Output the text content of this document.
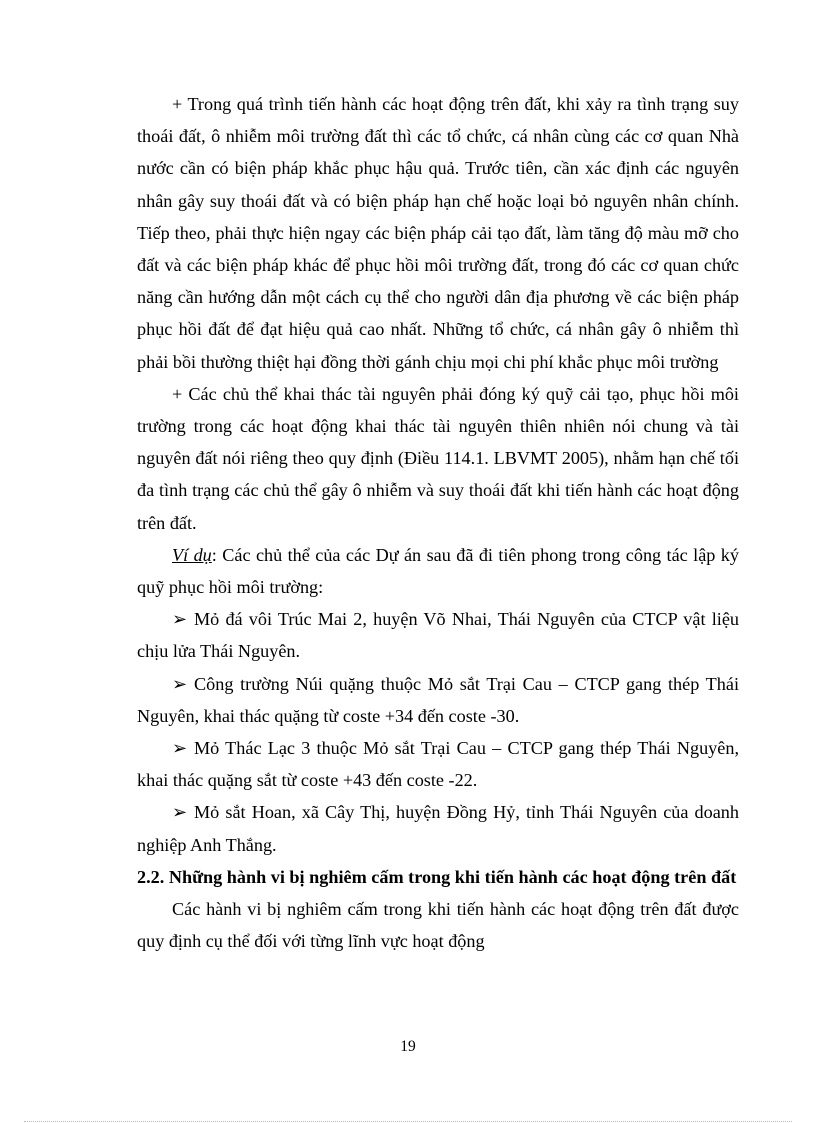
+ Trong quá trình tiến hành các hoạt động trên đất, khi xảy ra tình trạng suy thoái đất, ô nhiễm môi trường đất thì các tổ chức, cá nhân cùng các cơ quan Nhà nước cần có biện pháp khắc phục hậu quả. Trước tiên, cần xác định các nguyên nhân gây suy thoái đất và có biện pháp hạn chế hoặc loại bỏ nguyên nhân chính. Tiếp theo, phải thực hiện ngay các biện pháp cải tạo đất, làm tăng độ màu mỡ cho đất và các biện pháp khác để phục hồi môi trường đất, trong đó các cơ quan chức năng cần hướng dẫn một cách cụ thể cho người dân địa phương về các biện pháp phục hồi đất để đạt hiệu quả cao nhất. Những tổ chức, cá nhân gây ô nhiễm thì phải bồi thường thiệt hại đồng thời gánh chịu mọi chi phí khắc phục môi trường

+ Các chủ thể khai thác tài nguyên phải đóng ký quỹ cải tạo, phục hồi môi trường trong các hoạt động khai thác tài nguyên thiên nhiên nói chung và tài nguyên đất nói riêng theo quy định (Điều 114.1. LBVMT 2005), nhằm hạn chế tối đa tình trạng các chủ thể gây ô nhiễm và suy thoái đất khi tiến hành các hoạt động trên đất.

Ví dụ: Các chủ thể của các Dự án sau đã đi tiên phong trong công tác lập ký quỹ phục hồi môi trường:

➢ Mỏ đá vôi Trúc Mai 2, huyện Võ Nhai, Thái Nguyên của CTCP vật liệu chịu lửa Thái Nguyên.

➢ Công trường Núi quặng thuộc Mỏ sắt Trại Cau – CTCP gang thép Thái Nguyên, khai thác quặng từ coste +34 đến coste -30.

➢ Mỏ Thác Lạc 3 thuộc Mỏ sắt Trại Cau – CTCP gang thép Thái Nguyên, khai thác quặng sắt từ coste +43 đến coste -22.

➢ Mỏ sắt Hoan, xã Cây Thị, huyện Đồng Hỷ, tỉnh Thái Nguyên của doanh nghiệp Anh Thắng.

2.2. Những hành vi bị nghiêm cấm trong khi tiến hành các hoạt động trên đất

Các hành vi bị nghiêm cấm trong khi tiến hành các hoạt động trên đất được quy định cụ thể đối với từng lĩnh vực hoạt động

19
